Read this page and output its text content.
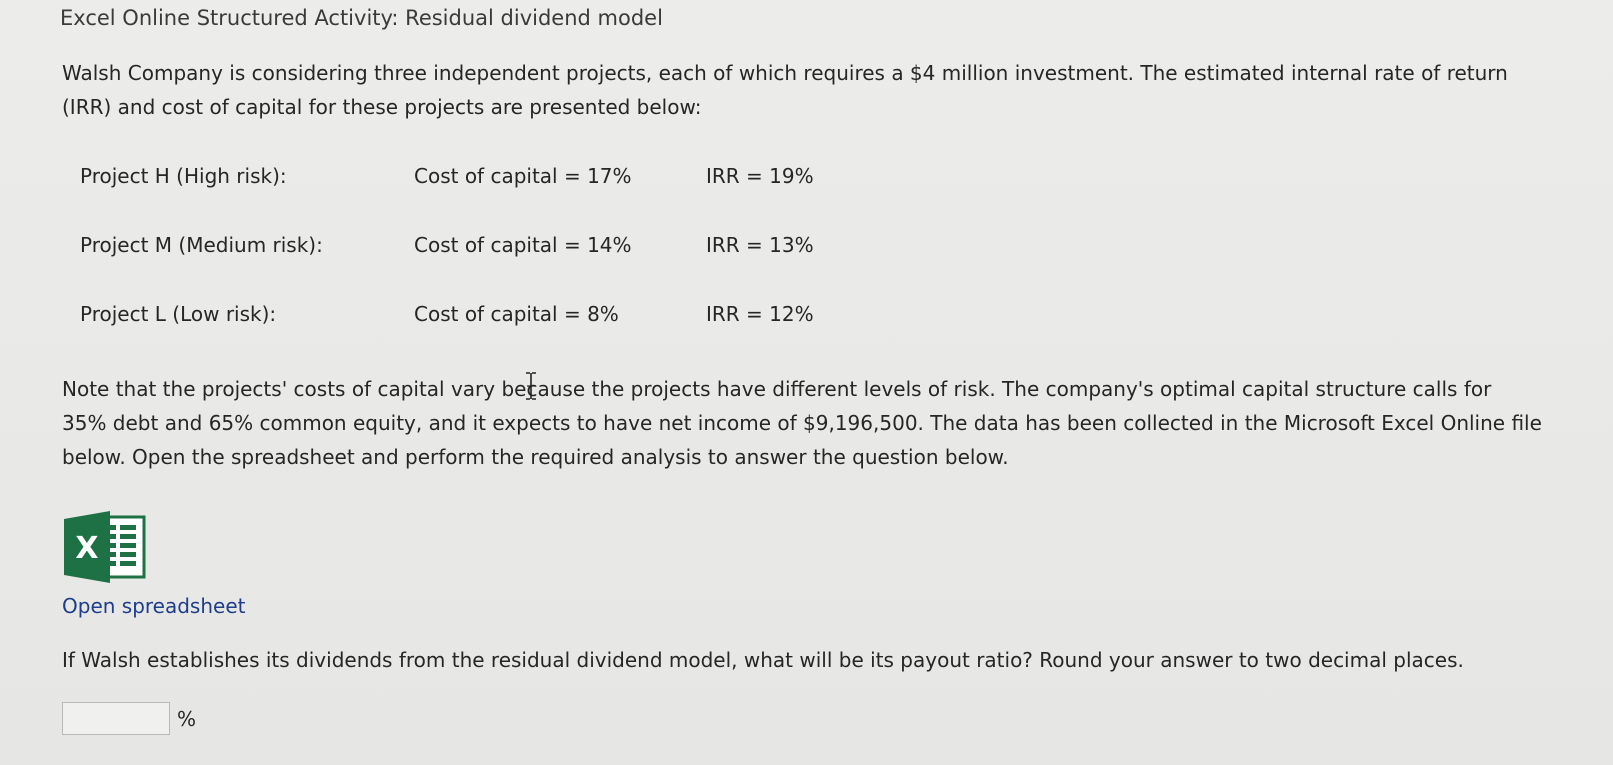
Excel Online Structured Activity: Residual dividend model
Walsh Company is considering three independent projects, each of which requires a $4 million investment. The estimated internal rate of return (IRR) and cost of capital for these projects are presented below:
Project H (High risk):	Cost of capital = 17%	IRR = 19%
Project M (Medium risk):	Cost of capital = 14%	IRR = 13%
Project L (Low risk):	Cost of capital = 8%	IRR = 12%
Note that the projects' costs of capital vary because the projects have different levels of risk. The company's optimal capital structure calls for 35% debt and 65% common equity, and it expects to have net income of $9,196,500. The data has been collected in the Microsoft Excel Online file below. Open the spreadsheet and perform the required analysis to answer the question below.
X
Open spreadsheet
If Walsh establishes its dividends from the residual dividend model, what will be its payout ratio? Round your answer to two decimal places.
%
